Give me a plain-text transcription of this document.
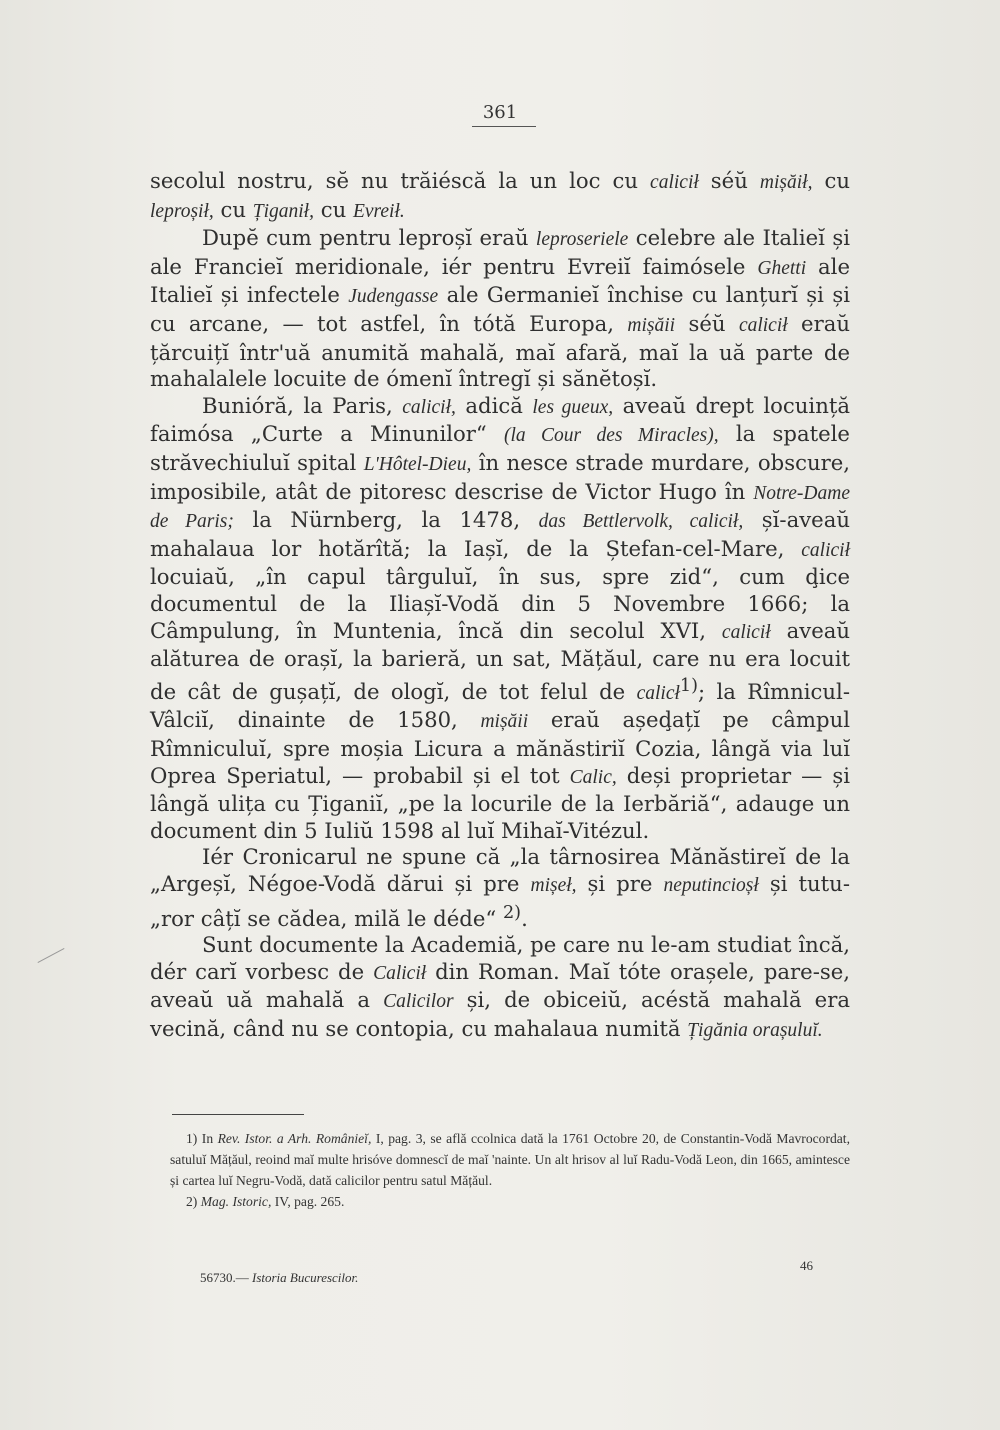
361

secolul nostru, sĕ nu trăiéscă la un loc cu calicił séŭ mișăił, cu leproșił, cu Țiganił, cu Evreił.

Dupĕ cum pentru leproșĭ eraŭ leproseriele celebre ale Italieĭ și ale Francieĭ meridionale, iér pentru Evreiĭ faimósele Ghetti ale Italieĭ și infectele Judengasse ale Germanieĭ închise cu lanțurĭ și și cu arcane, — tot astfel, în tótă Europa, mișăii séŭ calicił eraŭ țărcuițĭ într'uă anumită mahală, maĭ afară, maĭ la uă parte de mahalalele locuite de ómenĭ întregĭ și sănĕtoșĭ.

Bunióră, la Paris, calicił, adică les gueux, aveaŭ drept locuință faimósa „Curte a Minunilor“ (la Cour des Miracles), la spatele străvechiuluĭ spital L'Hôtel-Dieu, în nesce strade murdare, obscure, imposibile, atât de pitoresc descrise de Victor Hugo în Notre-Dame de Paris; la Nürnberg, la 1478, das Bettlervolk, calicił, șĭ-aveaŭ mahalaua lor hotărîtă; la Iașĭ, de la Ștefan-cel-Mare, calicił locuiaŭ, „în capul târguluĭ, în sus, spre zid“, cum ḑice documentul de la Iliașĭ-Vodă din 5 Novembre 1666; la Câmpulung, în Muntenia, încă din secolul XVI, calicił aveaŭ alăturea de orașĭ, la barieră, un sat, Mățăul, care nu era locuit de cât de gușațĭ, de ologĭ, de tot felul de calicł$^{1)}$; la Rîmnicul-Vâlciĭ, dinainte de 1580, mișăii eraŭ așeḑațĭ pe câmpul Rîmniculuĭ, spre moșia Licura a mănăstiriĭ Cozia, lângă via luĭ Oprea Speriatul, — probabil și el tot Calic, deși proprietar — și lângă ulița cu Țiganiĭ, „pe la locurile de la Ierbăriă“, adauge un document din 5 Iuliŭ 1598 al luĭ Mihaĭ-Vitézul.

Iér Cronicarul ne spune că „la târnosirea Mănăstireĭ de la „Argeșĭ, Négoe-Vodă dărui și pre mișeł, și pre neputincioșł și tutu-„ror câțĭ se cădea, milă le déde“ $^{2)}$.

Sunt documente la Academiă, pe care nu le-am studiat încă, dér carĭ vorbesc de Calicił din Roman. Maĭ tóte orașele, pare-se, aveaŭ uă mahală a Calicilor și, de obiceiŭ, acéstă mahală era vecină, când nu se contopia, cu mahalaua numită Țigănia orașuluĭ.

1) In Rev. Istor. a Arh. Românieĭ, I, pag. 3, se află ccolnica dată la 1761 Octobre 20, de Constantin-Vodă Mavrocordat, satuluĭ Mățăul, reoind maĭ multe hrisóve domnescĭ de maĭ 'nainte. Un alt hrisov al luĭ Radu-Vodă Leon, din 1665, amintesce și cartea luĭ Negru-Vodă, dată calicilor pentru satul Mățăul.

2) Mag. Istoric, IV, pag. 265.

46
56730.— Istoria Bucurescilor.
